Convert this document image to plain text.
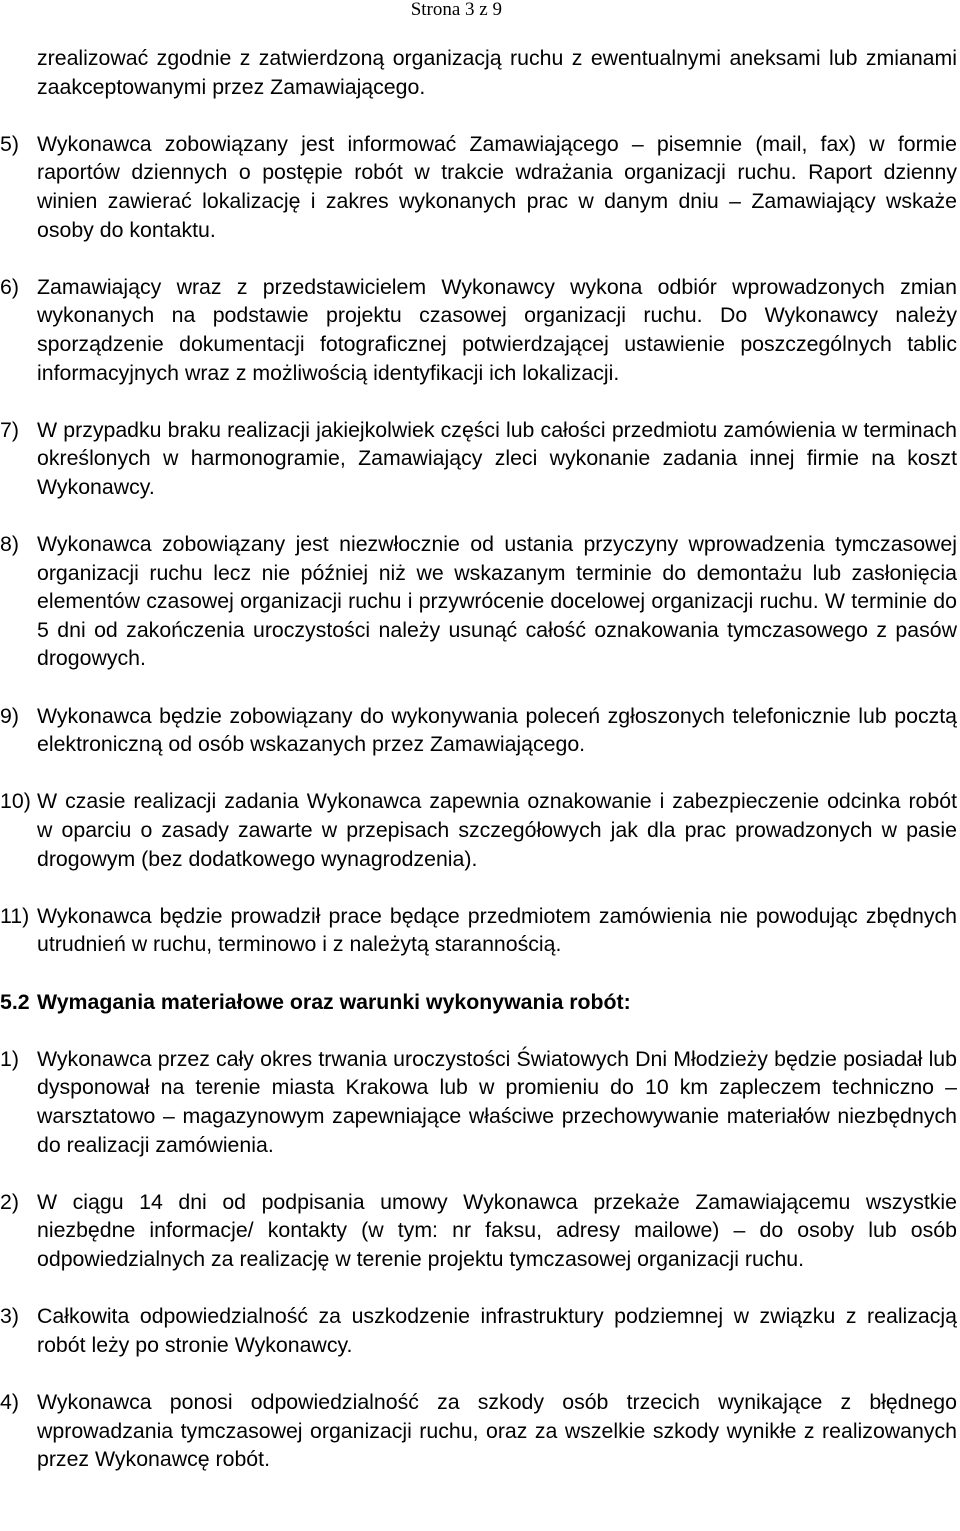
Strona 3 z 9

zrealizować zgodnie z zatwierdzoną organizacją ruchu z ewentualnymi aneksami lub zmianami zaakceptowanymi przez Zamawiającego.

5) Wykonawca zobowiązany jest informować Zamawiającego – pisemnie (mail, fax) w formie raportów dziennych o postępie robót w trakcie wdrażania organizacji ruchu. Raport dzienny winien zawierać lokalizację i zakres wykonanych prac w danym dniu – Zamawiający wskaże osoby do kontaktu.
6) Zamawiający wraz z przedstawicielem Wykonawcy wykona odbiór wprowadzonych zmian wykonanych na podstawie projektu czasowej organizacji ruchu. Do Wykonawcy należy sporządzenie dokumentacji fotograficznej potwierdzającej ustawienie poszczególnych tablic informacyjnych wraz z możliwością identyfikacji ich lokalizacji.
7) W przypadku braku realizacji jakiejkolwiek części lub całości przedmiotu zamówienia w terminach określonych w harmonogramie, Zamawiający zleci wykonanie zadania innej firmie na koszt Wykonawcy.
8) Wykonawca zobowiązany jest niezwłocznie od ustania przyczyny wprowadzenia tymczasowej organizacji ruchu lecz nie później niż we wskazanym terminie do demontażu lub zasłonięcia elementów czasowej organizacji ruchu i przywrócenie docelowej organizacji ruchu. W terminie do 5 dni od zakończenia uroczystości należy usunąć całość oznakowania tymczasowego z pasów drogowych.
9) Wykonawca będzie zobowiązany do wykonywania poleceń zgłoszonych telefonicznie lub pocztą elektroniczną od osób wskazanych przez Zamawiającego.
10) W czasie realizacji zadania Wykonawca zapewnia oznakowanie i zabezpieczenie odcinka robót w oparciu o zasady zawarte w przepisach szczegółowych jak dla prac prowadzonych w pasie drogowym (bez dodatkowego wynagrodzenia).
11) Wykonawca będzie prowadził prace będące przedmiotem zamówienia nie powodując zbędnych utrudnień w ruchu, terminowo i z należytą starannością.
5.2 Wymagania materiałowe oraz warunki wykonywania robót:
1) Wykonawca przez cały okres trwania uroczystości Światowych Dni Młodzieży będzie posiadał lub dysponował na terenie miasta Krakowa lub w promieniu do 10 km zapleczem techniczno – warsztatowo – magazynowym zapewniające właściwe przechowywanie materiałów niezbędnych do realizacji zamówienia.
2) W ciągu 14 dni od podpisania umowy Wykonawca przekaże Zamawiającemu wszystkie niezbędne informacje/ kontakty (w tym: nr faksu, adresy mailowe) – do osoby lub osób odpowiedzialnych za realizację w terenie projektu tymczasowej organizacji ruchu.
3) Całkowita odpowiedzialność za uszkodzenie infrastruktury podziemnej w związku z realizacją robót leży po stronie Wykonawcy.
4) Wykonawca ponosi odpowiedzialność za szkody osób trzecich wynikające z błędnego wprowadzania tymczasowej organizacji ruchu, oraz za wszelkie szkody wynikłe z realizowanych przez Wykonawcę robót.
